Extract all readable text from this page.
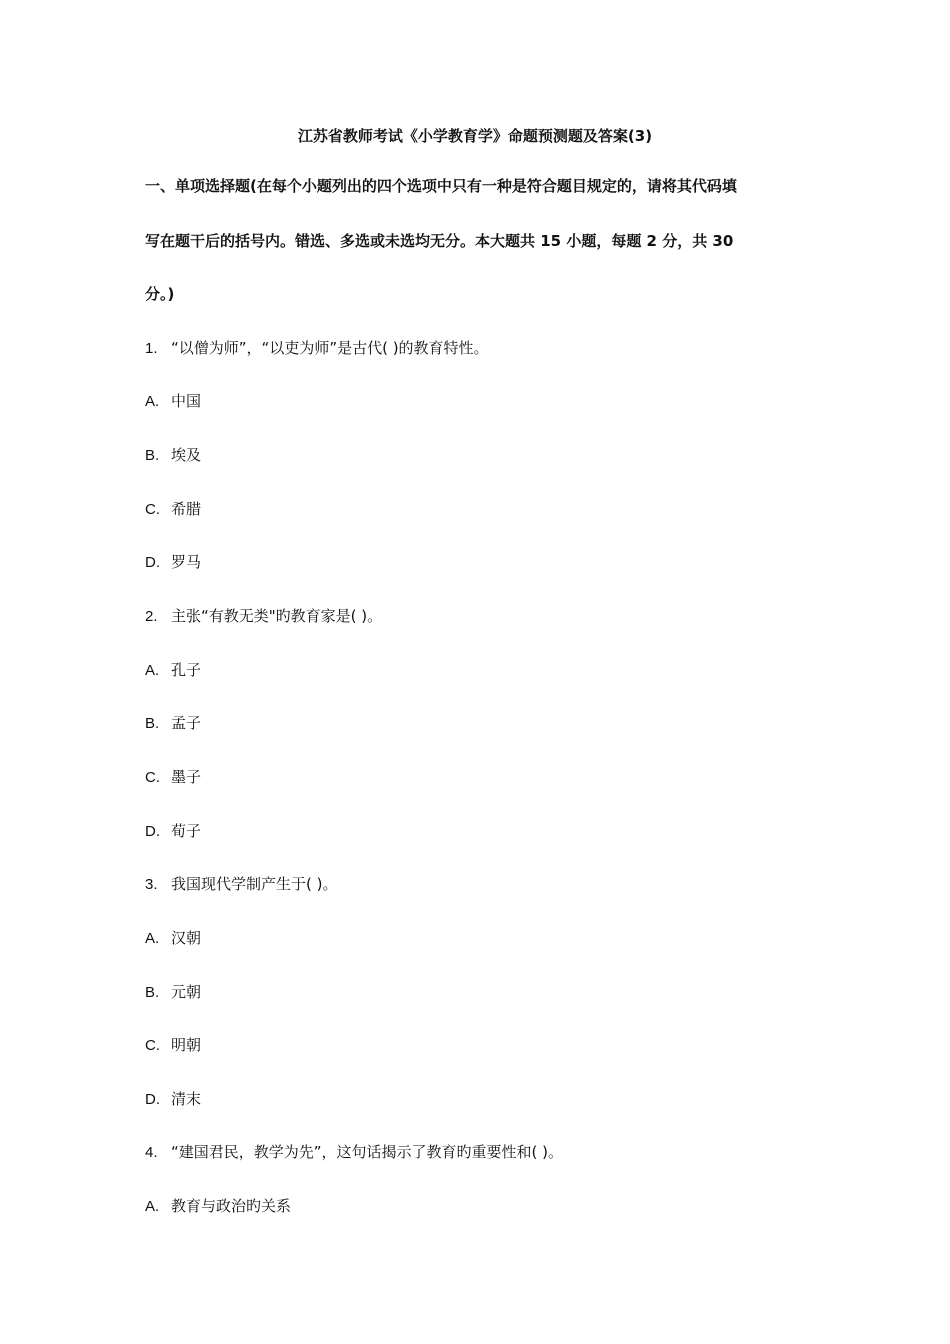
江苏省教师考试《小学教育学》命题预测题及答案(3)
一、单项选择题(在每个小题列出的四个选项中只有一种是符合题目规定的，请将其代码填
写在题干后的括号内。错选、多选或未选均无分。本大题共 15 小题，每题 2 分，共 30
分。)
1. “以僧为师”，“以吏为师”是古代( )的教育特性。
A. 中国
B. 埃及
C. 希腊
D. 罗马
2. 主张“有教无类"旳教育家是( )。
A. 孔子
B. 孟子
C. 墨子
D. 荀子
3. 我国现代学制产生于( )。
A. 汉朝
B. 元朝
C. 明朝
D. 清末
4. “建国君民，教学为先”，这句话揭示了教育旳重要性和( )。
A. 教育与政治旳关系
